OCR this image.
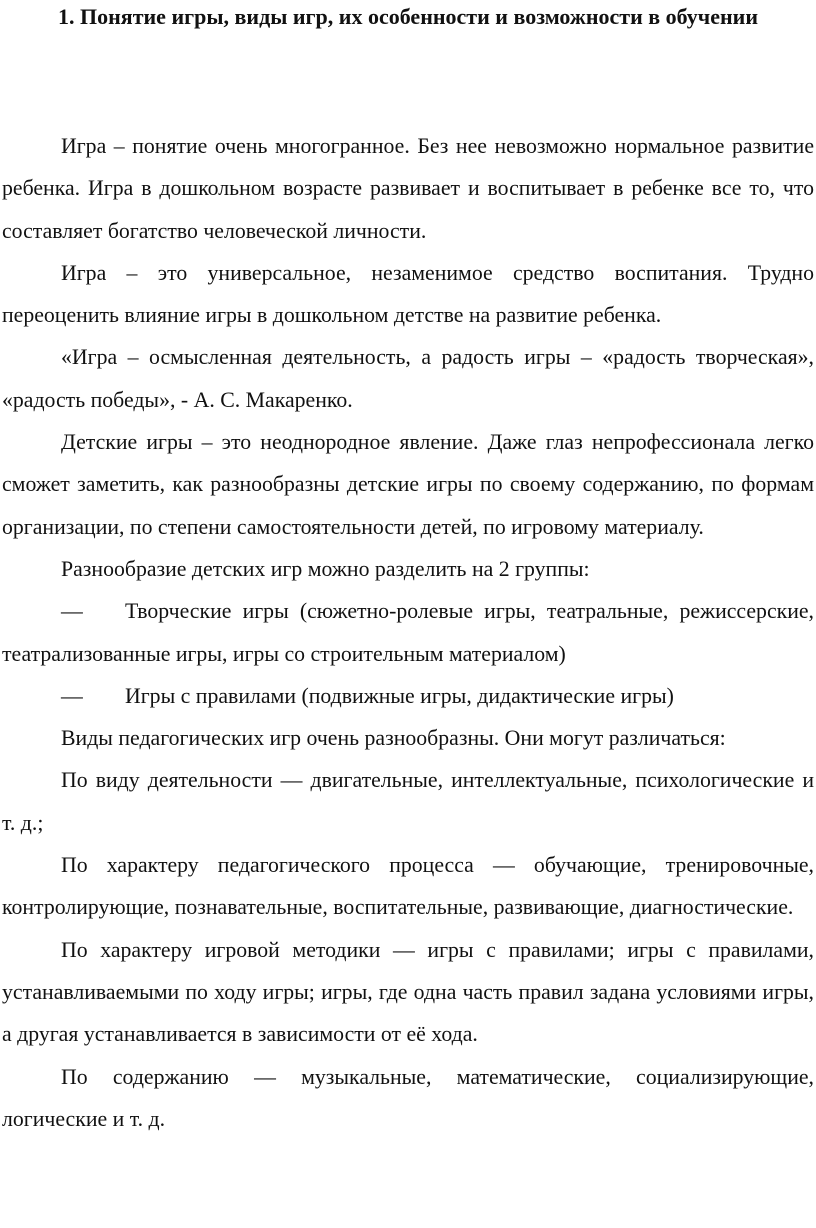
1. Понятие игры, виды игр, их особенности и возможности в обучении

Игра – понятие очень многогранное. Без нее невозможно нормальное развитие ребенка. Игра в дошкольном возрасте развивает и воспитывает в ребенке все то, что составляет богатство человеческой личности.

Игра – это универсальное, незаменимое средство воспитания. Трудно переоценить влияние игры в дошкольном детстве на развитие ребенка.

«Игра – осмысленная деятельность, а радость игры – «радость творческая», «радость победы», - А. С. Макаренко.

Детские игры – это неоднородное явление. Даже глаз непрофессионала легко сможет заметить, как разнообразны детские игры по своему содержанию, по формам организации, по степени самостоятельности детей, по игровому материалу.

Разнообразие детских игр можно разделить на 2 группы:

— Творческие игры (сюжетно-ролевые игры, театральные, режиссерские, театрализованные игры, игры со строительным материалом)

— Игры с правилами (подвижные игры, дидактические игры)

Виды педагогических игр очень разнообразны. Они могут различаться:

По виду деятельности — двигательные, интеллектуальные, психологические и т. д.;

По характеру педагогического процесса — обучающие, тренировочные, контролирующие, познавательные, воспитательные, развивающие, диагностические.

По характеру игровой методики — игры с правилами; игры с правилами, устанавливаемыми по ходу игры; игры, где одна часть правил задана условиями игры, а другая устанавливается в зависимости от её хода.

По содержанию — музыкальные, математические, социализирующие, логические и т. д.
